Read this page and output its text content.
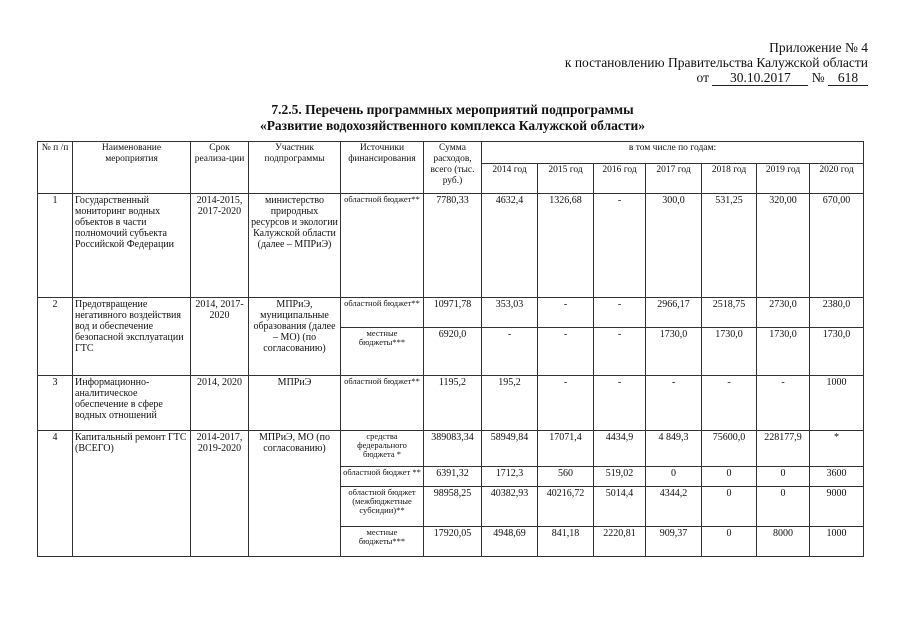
Приложение № 4
к постановлению Правительства Калужской области
от 30.10.2017 № 618
7.2.5. Перечень программных мероприятий подпрограммы
«Развитие водохозяйственного комплекса Калужской области»
№ п /п	Наименование мероприятия	Срок реализа-ции	Участник подпрограммы	Источники финансирования	Сумма расходов, всего (тыс. руб.)	в том числе по годам:						
						2014 год	2015 год	2016 год	2017 год	2018 год	2019 год	2020 год
1	Государственный мониторинг водных объектов в части полномочий субъекта Российской Федерации	2014-2015, 2017-2020	министерство природных ресурсов и экологии Калужской области (далее – МПРиЭ)	областной бюджет**	7780,33	4632,4	1326,68	-	300,0	531,25	320,00	670,00
2	Предотвращение негативного воздействия вод и обеспечение безопасной эксплуатации ГТС	2014, 2017-2020	МПРиЭ, муниципальные образования (далее – МО) (по согласованию)	областной бюджет**	10971,78	353,03	-	-	2966,17	2518,75	2730,0	2380,0
				местные бюджеты***	6920,0	-	-	-	1730,0	1730,0	1730,0	1730,0
3	Информационно-аналитическое обеспечение в сфере водных отношений	2014, 2020	МПРиЭ	областной бюджет**	1195,2	195,2	-	-	-	-	-	1000
4	Капитальный ремонт ГТС (ВСЕГО)	2014-2017, 2019-2020	МПРиЭ, МО (по согласованию)	средства федерального бюджета *	389083,34	58949,84	17071,4	4434,9	4 849,3	75600,0	228177,9	*
				областной бюджет **	6391,32	1712,3	560	519,02	0	0	0	3600
				областной бюджет (межбюджетные субсидии)**	98958,25	40382,93	40216,72	5014,4	4344,2	0	0	9000
				местные бюджеты***	17920,05	4948,69	841,18	2220,81	909,37	0	8000	1000
